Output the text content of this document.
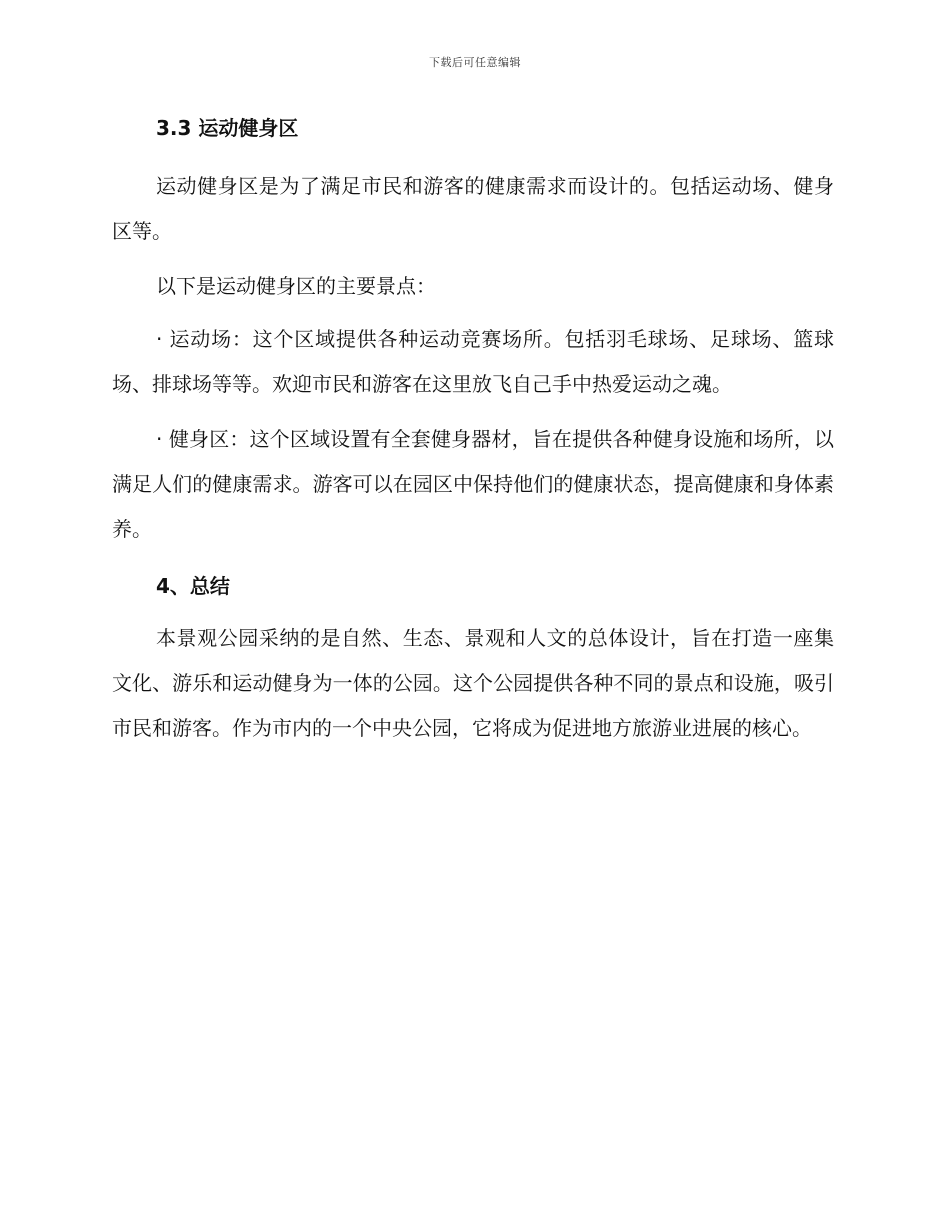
下载后可任意编辑
3.3 运动健身区

运动健身区是为了满足市民和游客的健康需求而设计的。包括运动场、健身区等。

以下是运动健身区的主要景点：

· 运动场：这个区域提供各种运动竞赛场所。包括羽毛球场、足球场、篮球场、排球场等等。欢迎市民和游客在这里放飞自己手中热爱运动之魂。

· 健身区：这个区域设置有全套健身器材，旨在提供各种健身设施和场所，以满足人们的健康需求。游客可以在园区中保持他们的健康状态，提高健康和身体素养。

4、总结

本景观公园采纳的是自然、生态、景观和人文的总体设计，旨在打造一座集文化、游乐和运动健身为一体的公园。这个公园提供各种不同的景点和设施，吸引市民和游客。作为市内的一个中央公园，它将成为促进地方旅游业进展的核心。
